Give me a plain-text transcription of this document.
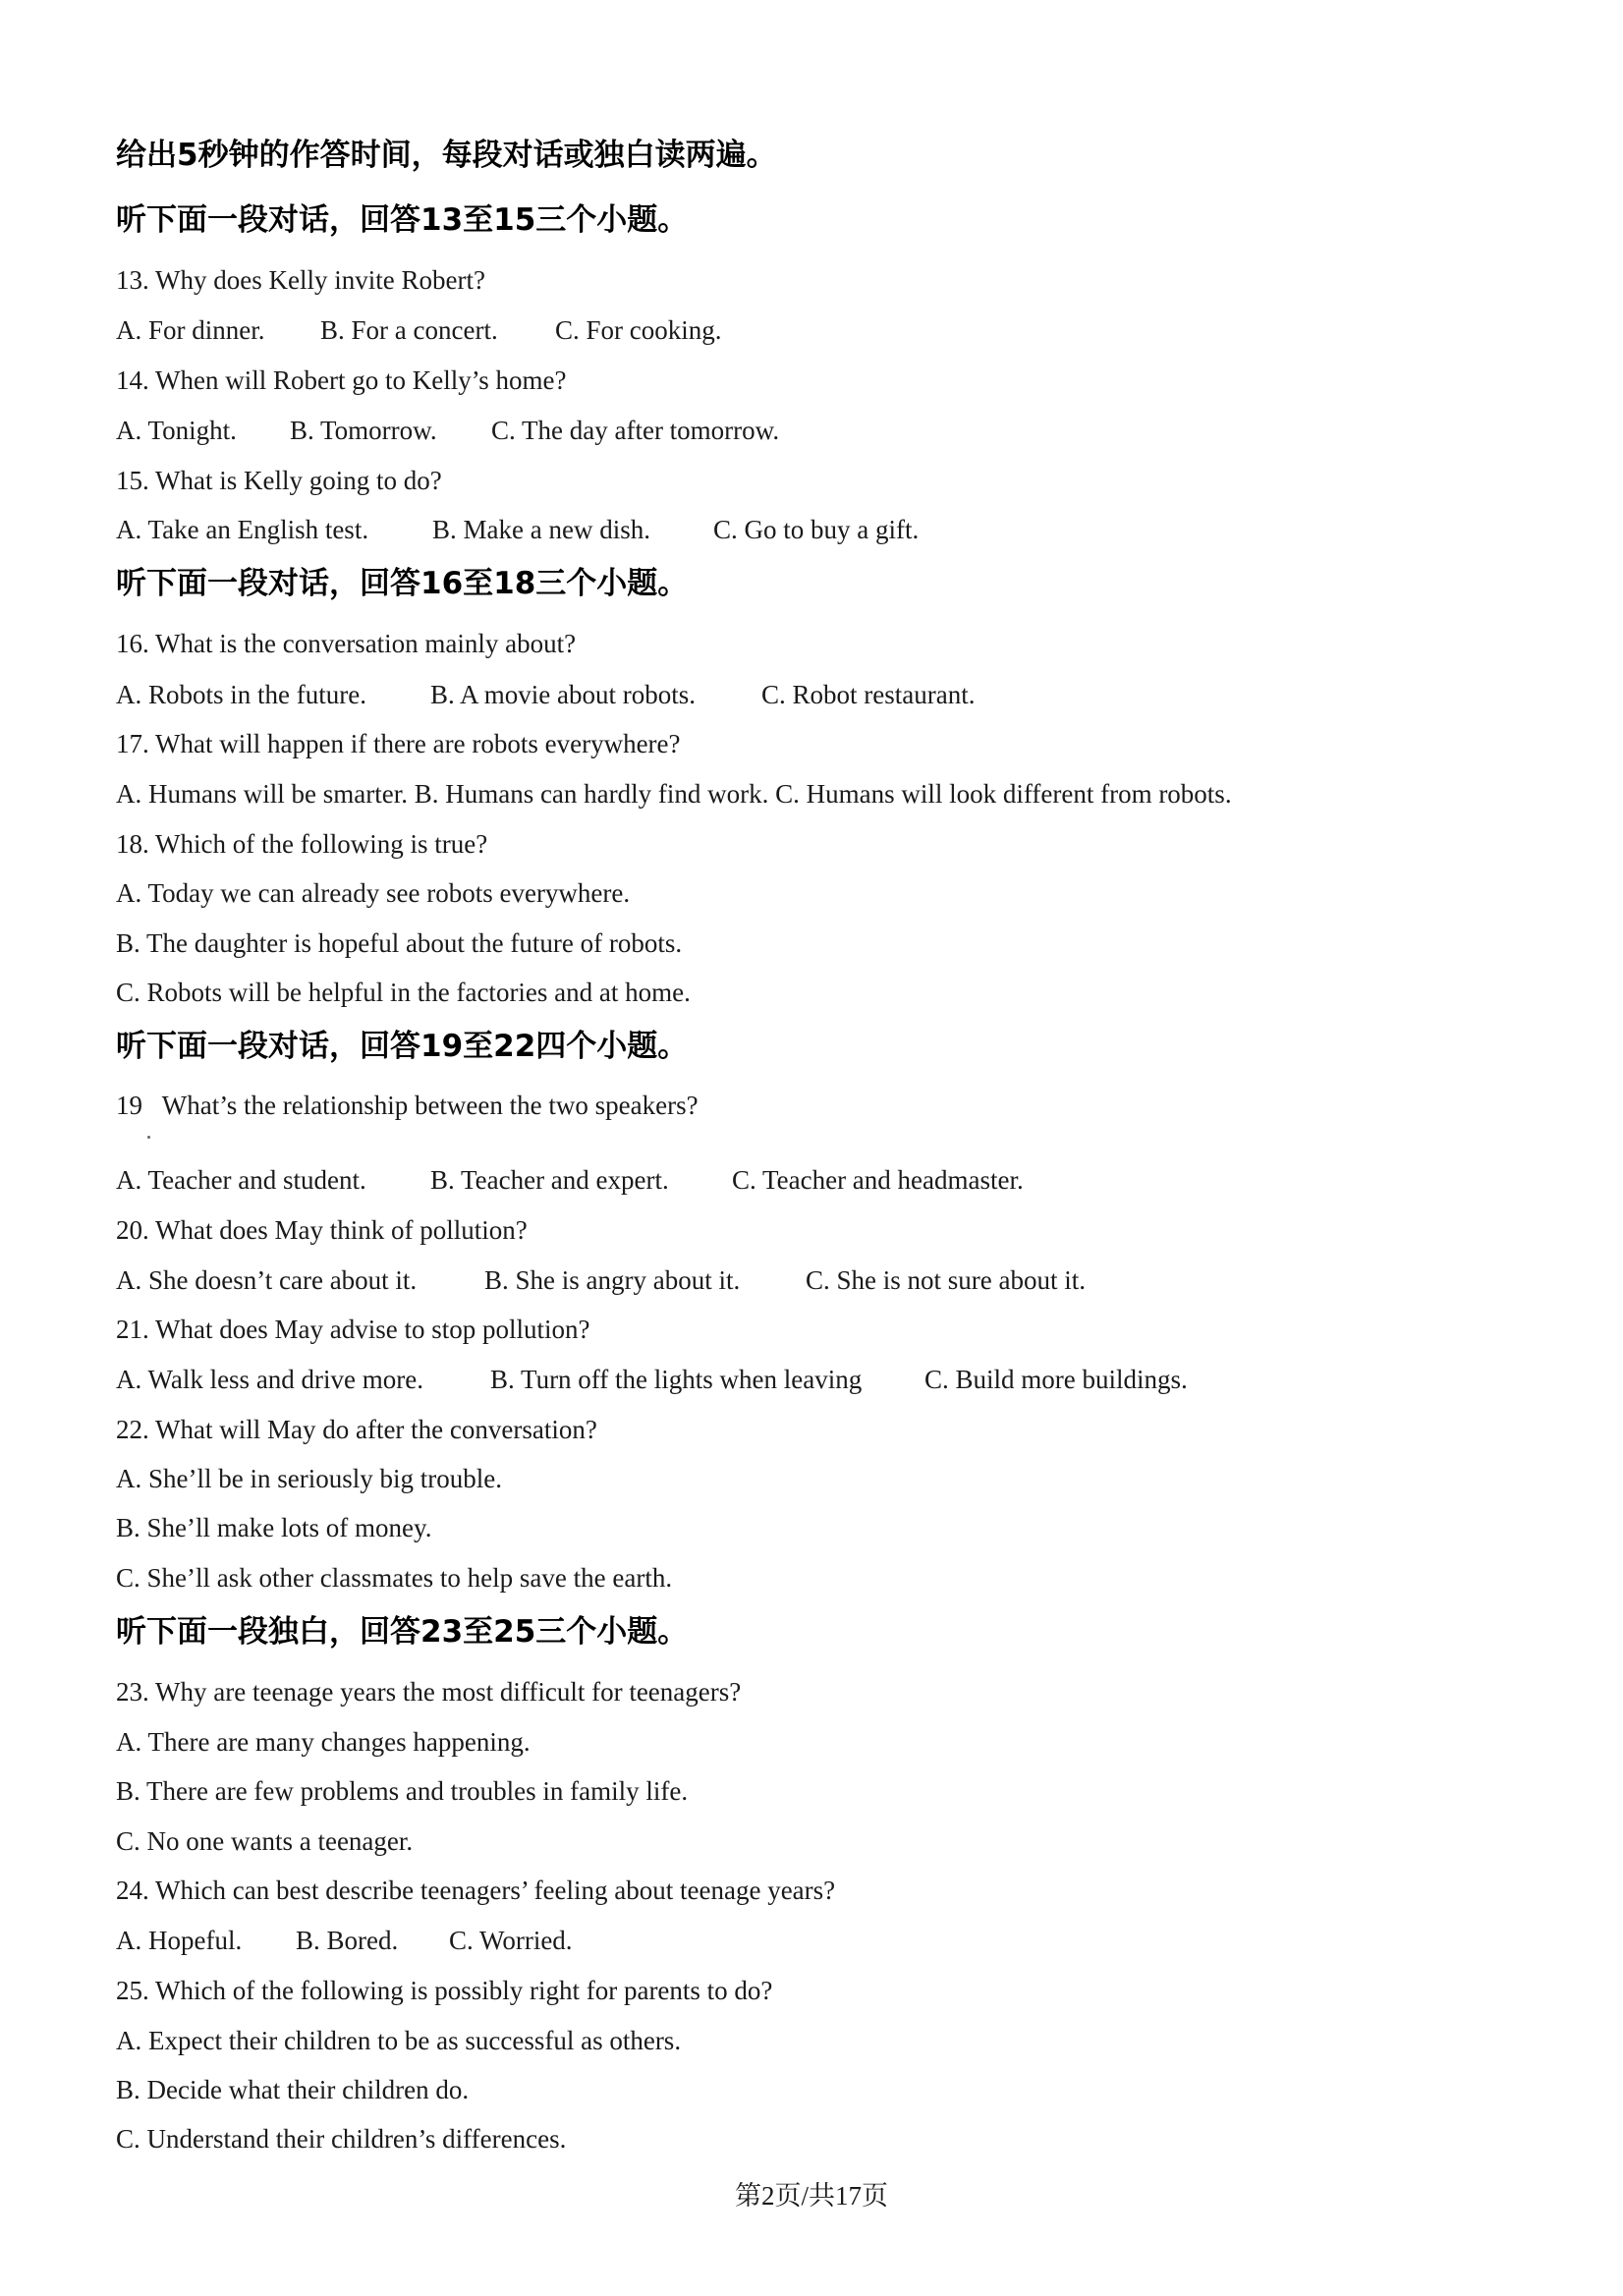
给出5秒钟的作答时间，每段对话或独白读两遍。
听下面一段对话，回答13至15三个小题。
13. Why does Kelly invite Robert?
A. For dinner. B. For a concert. C. For cooking.
14. When will Robert go to Kelly’s home?
A. Tonight. B. Tomorrow. C. The day after tomorrow.
15. What is Kelly going to do?
A. Take an English test. B. Make a new dish. C. Go to buy a gift.
听下面一段对话，回答16至18三个小题。
16. What is the conversation mainly about?
A. Robots in the future. B. A movie about robots. C. Robot restaurant.
17. What will happen if there are robots everywhere?
A. Humans will be smarter. B. Humans can hardly find work. C. Humans will look different from robots.
18. Which of the following is true?
A. Today we can already see robots everywhere.
B. The daughter is hopeful about the future of robots.
C. Robots will be helpful in the factories and at home.
听下面一段对话，回答19至22四个小题。
19   What’s the relationship between the two speakers?
A. Teacher and student. B. Teacher and expert. C. Teacher and headmaster.
20. What does May think of pollution?
A. She doesn’t care about it.	B. She is angry about it. C. She is not sure about it.
21. What does May advise to stop pollution?
A. Walk less and drive more.	B. Turn off the lights when leaving C. Build more buildings.
22. What will May do after the conversation?
A. She’ll be in seriously big trouble.
B. She’ll make lots of money.
C. She’ll ask other classmates to help save the earth.
听下面一段独白，回答23至25三个小题。
23. Why are teenage years the most difficult for teenagers?
A. There are many changes happening.
B. There are few problems and troubles in family life.
C. No one wants a teenager.
24. Which can best describe teenagers’ feeling about teenage years?
A. Hopeful. B. Bored. C. Worried.
25. Which of the following is possibly right for parents to do?
A. Expect their children to be as successful as others.
B. Decide what their children do.
C. Understand their children’s differences.
第2页/共17页
